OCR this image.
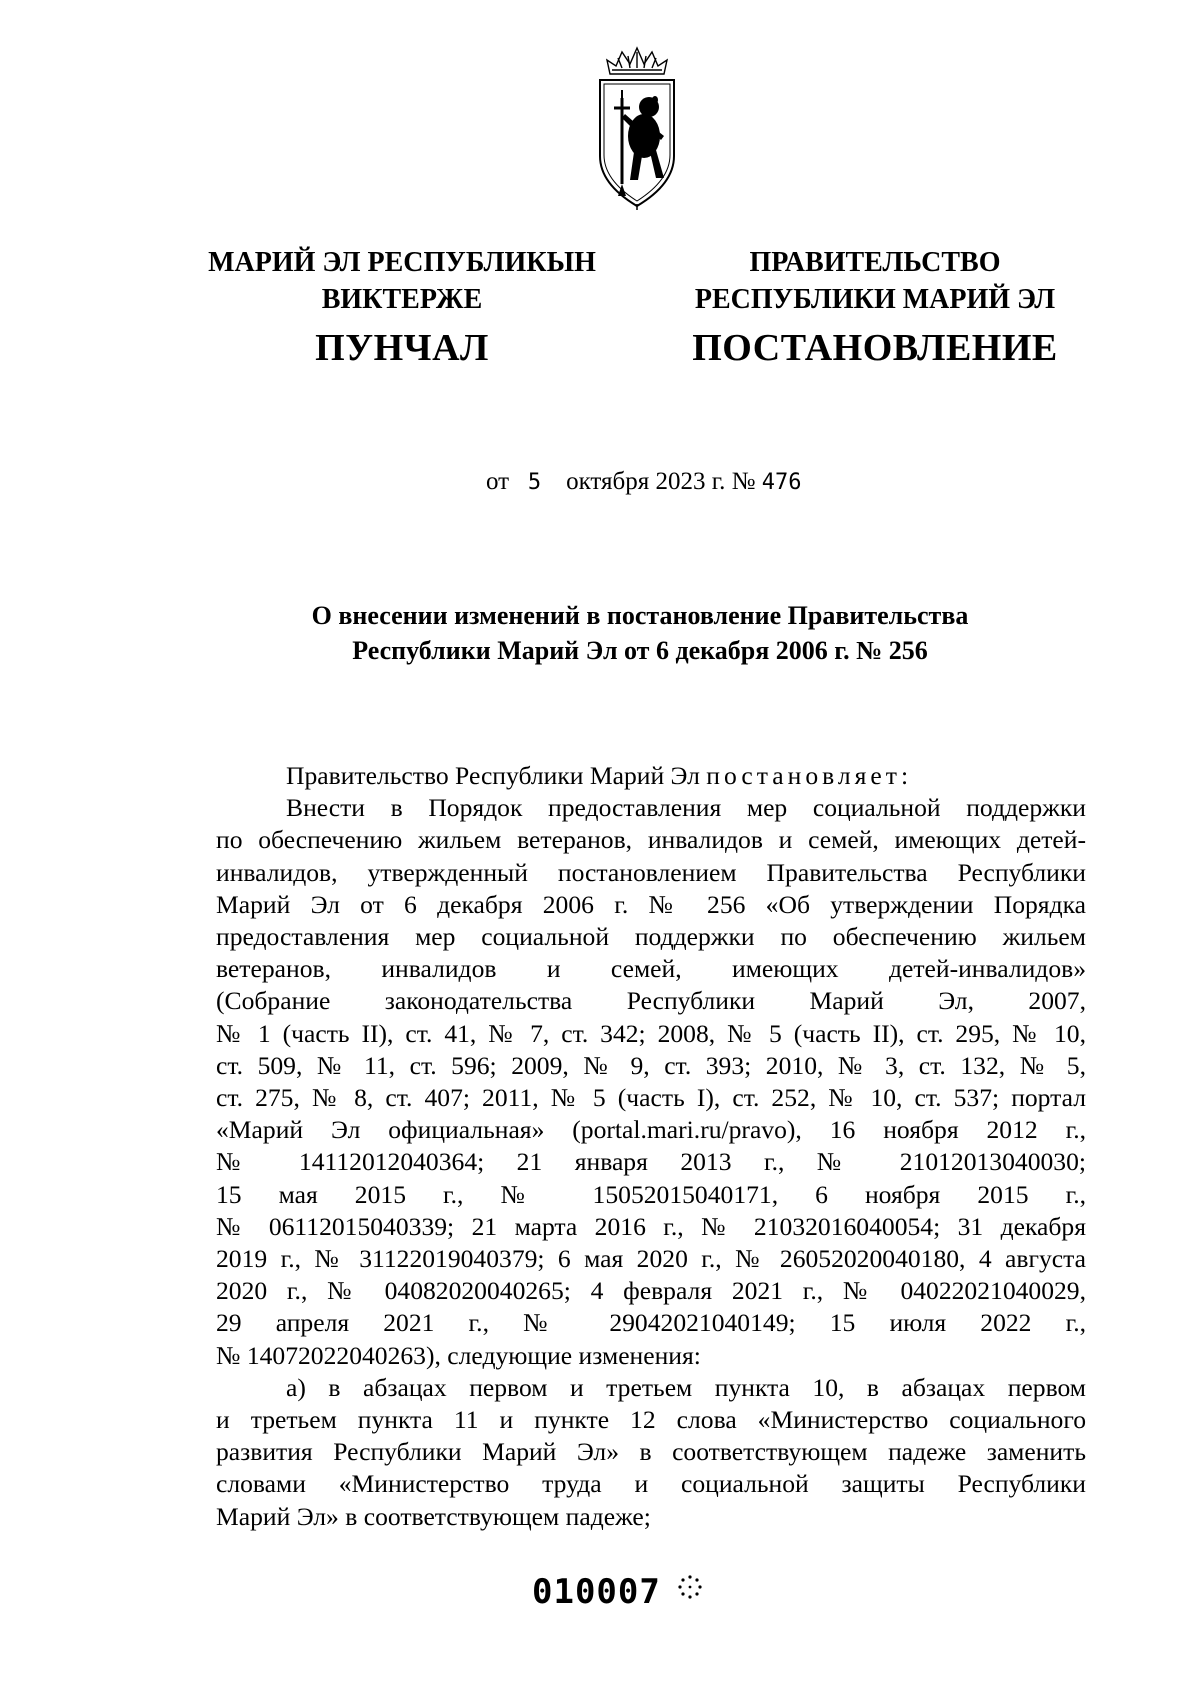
МАРИЙ ЭЛ РЕСПУБЛИКЫН
ВИКТЕРЖЕ
ПУНЧАЛ
ПРАВИТЕЛЬСТВО
РЕСПУБЛИКИ МАРИЙ ЭЛ
ПОСТАНОВЛЕНИЕ
от 5 октября 2023 г. № 476
О внесении изменений в постановление Правительства
Республики Марий Эл от 6 декабря 2006 г. № 256

Правительство Республики Марий Эл постановляет:

Внести в Порядок предоставления мер социальной поддержки

по обеспечению жильем ветеранов, инвалидов и семей, имеющих детей-

инвалидов, утвержденный постановлением Правительства Республики

Марий Эл от 6 декабря 2006 г. № 256 «Об утверждении Порядка

предоставления мер социальной поддержки по обеспечению жильем

ветеранов, инвалидов и семей, имеющих детей-инвалидов»

(Собрание законодательства Республики Марий Эл, 2007,

№ 1 (часть II), ст. 41, № 7, ст. 342; 2008, № 5 (часть II), ст. 295, № 10,

ст. 509, № 11, ст. 596; 2009, № 9, ст. 393; 2010, № 3, ст. 132, № 5,

ст. 275, № 8, ст. 407; 2011, № 5 (часть I), ст. 252, № 10, ст. 537; портал

«Марий Эл официальная» (portal.mari.ru/pravo), 16 ноября 2012 г.,

№ 14112012040364; 21 января 2013 г., № 21012013040030;

15 мая 2015 г., № 15052015040171, 6 ноября 2015 г.,

№ 06112015040339; 21 марта 2016 г., № 21032016040054; 31 декабря

2019 г., № 31122019040379; 6 мая 2020 г., № 26052020040180, 4 августа

2020 г., № 04082020040265; 4 февраля 2021 г., № 04022021040029,

29 апреля 2021 г., № 29042021040149; 15 июля 2022 г.,

№ 14072022040263), следующие изменения:

а) в абзацах первом и третьем пункта 10, в абзацах первом

и третьем пункта 11 и пункте 12 слова «Министерство социального

развития Республики Марий Эл» в соответствующем падеже заменить

словами «Министерство труда и социальной защиты Республики

Марий Эл» в соответствующем падеже;

010007
